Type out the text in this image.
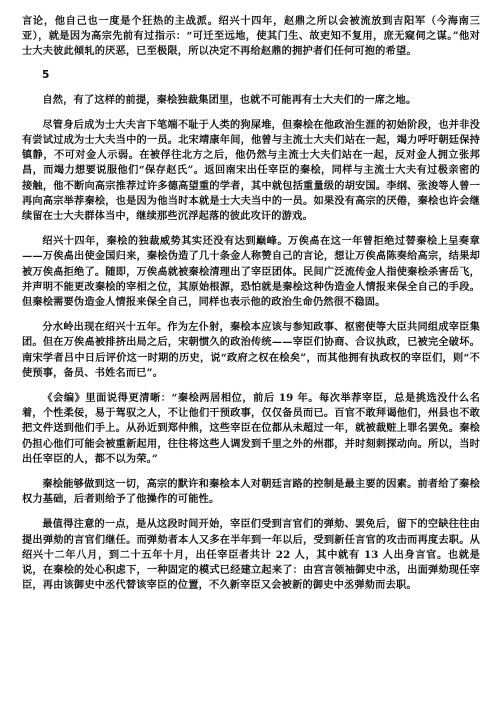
言论，他自己也一度是个狂热的主战派。绍兴十四年，赵鼎之所以会被流放到吉阳军（今海南三亚），就是因为高宗先前有过指示：“可迁至远地，使其门生、故吏知不复用，庶无窥伺之谋。”他对士大夫彼此倾轧的厌恶，已至极限，所以决定不再给赵鼎的拥护者们任何可抱的希望。

5

自然，有了这样的前提，秦桧独裁集团里，也就不可能再有士大夫们的一席之地。

尽管身后成为士大夫言下笔端不耻于人类的狗屎堆，但秦桧在他政治生涯的初始阶段，也并非没有尝试过成为士大夫当中的一员。北宋靖康年间，他曾与主流士大夫们站在一起，竭力呼吁朝廷保持镇静，不可对金人示弱。在被俘往北方之后，他仍然与主流士大夫们站在一起，反对金人拥立张邦昌，而竭力想要说服他们“保存赵氏”。返回南宋出任宰臣的秦桧，同样与主流士大夫有过极亲密的接触，他不断向高宗推荐过许多德高望重的学者，其中就包括重量级的胡安国。李纲、张浚等人曾一再向高宗举荐秦桧，也是因为他当时本就是士大夫当中的一员。如果没有高宗的厌倦，秦桧也许会继续留在士大夫群体当中，继续那些沉浮起落的彼此攻讦的游戏。

绍兴十四年，秦桧的独裁威势其实还没有达到巅峰。万俟卨在这一年曾拒绝过替秦桧上呈奏章——万俟卨出使金国归来，秦桧伪造了几十条金人称赞自己的言论，想让万俟卨陈奏给高宗，结果却被万俟卨拒绝了。随即，万俟卨就被秦桧清理出了宰臣团体。民间广泛流传金人指使秦桧杀害岳飞，并声明不能更改秦桧的宰相之位，其原始根源，恐怕就是秦桧这种伪造金人情报来保全自己的手段。但秦桧需要伪造金人情报来保全自己，同样也表示他的政治生命仍然很不稳固。

分水岭出现在绍兴十五年。作为左仆射，秦桧本应该与参知政事、枢密使等大臣共同组成宰臣集团。但在万俟卨被排挤出局之后，宋朝惯久的政治传统——宰臣们协商、合议执政，已被完全破坏。南宋学者吕中日后评价这一时期的历史，说“政府之权在桧矣”，而其他拥有执政权的宰臣们，则“不使预事，备员、书姓名而已”。

《会编》里面说得更清晰：“秦桧两居相位，前后 19 年。每次举荐宰臣，总是挑选没什么名着，个性柔佞，易于驾驭之人，不让他们干预政事，仅仅备员而已。百官不敢拜谒他们，州县也不敢把文件送到他们手上。从孙近到郑仲熊，这些宰臣在位都从未超过一年，就被裁赃上罪名罢免。秦桧仍担心他们可能会被重新起用，往往将这些人调发到千里之外的州郡，并时刻刺探动向。所以，当时出任宰臣的人，都不以为荣。”

秦桧能够做到这一切，高宗的默许和秦桧本人对朝廷言路的控制是最主要的因素。前者给了秦桧权力基础，后者则给予了他操作的可能性。

最值得注意的一点，是从这段时间开始，宰臣们受到言官们的弹劾、罢免后，留下的空缺往往由提出弹劾的言官们继任。而弹劾者本人又多在半年到一年以后，受到新任言官的攻击而再度去职。从绍兴十二年八月，到二十五年十月，出任宰臣者共计 22 人，其中就有 13 人出身言官。也就是说，在秦桧的处心积虑下，一种固定的模式已经建立起来了：由宫言领袖御史中丞，出面弹劾现任宰臣，再由该御史中丞代替该宰臣的位置，不久新宰臣又会被新的御史中丞弹劾而去职。
